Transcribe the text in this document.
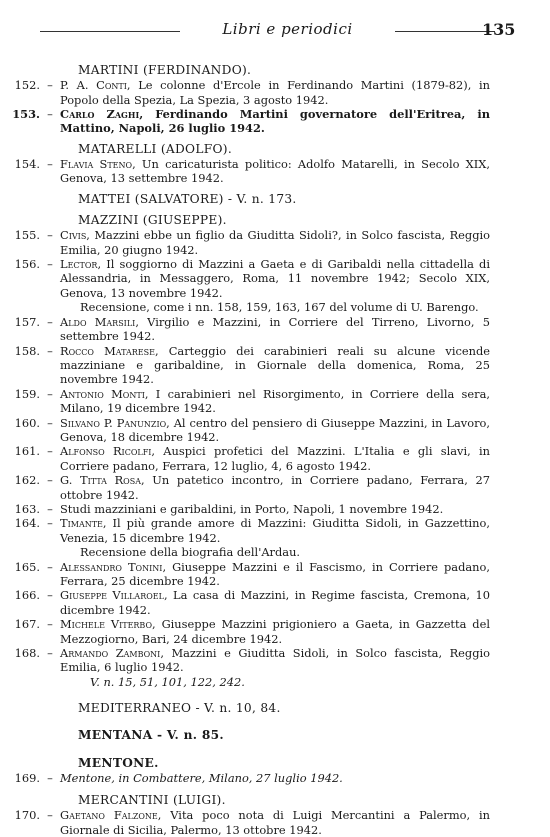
Libri e periodici	135
MARTINI (FERDINANDO).
152. – P. A. Conti, Le colonne d'Ercole in Ferdinando Martini (1879-82), in Popolo della Spezia, La Spezia, 3 agosto 1942.
153. – Carlo Zaghi, Ferdinando Martini governatore dell'Eritrea, in Mattino, Napoli, 26 luglio 1942.
MATARELLI (ADOLFO).
154. – Flavia Steno, Un caricaturista politico: Adolfo Matarelli, in Secolo XIX, Genova, 13 settembre 1942.
MATTEI (SALVATORE) - V. n. 173.
MAZZINI (GIUSEPPE).
155. – Civis, Mazzini ebbe un figlio da Giuditta Sidoli?, in Solco fascista, Reggio Emilia, 20 giugno 1942.
156. – Lector, Il soggiorno di Mazzini a Gaeta e di Garibaldi nella cittadella di Alessandria, in Messaggero, Roma, 11 novembre 1942; Secolo XIX, Genova, 13 novembre 1942.
Recensione, come i nn. 158, 159, 163, 167 del volume di U. Barengo.
157. – Aldo Marsili, Virgilio e Mazzini, in Corriere del Tirreno, Livorno, 5 settembre 1942.
158. – Rocco Matarese, Carteggio dei carabinieri reali su alcune vicende mazziniane e garibaldine, in Giornale della domenica, Roma, 25 novembre 1942.
159. – Antonio Monti, I carabinieri nel Risorgimento, in Corriere della sera, Milano, 19 dicembre 1942.
160. – Silvano P. Panunzio, Al centro del pensiero di Giuseppe Mazzini, in Lavoro, Genova, 18 dicembre 1942.
161. – Alfonso Ricolfi, Auspici profetici del Mazzini. L'Italia e gli slavi, in Corriere padano, Ferrara, 12 luglio, 4, 6 agosto 1942.
162. – G. Titta Rosa, Un patetico incontro, in Corriere padano, Ferrara, 27 ottobre 1942.
163. – Studi mazziniani e garibaldini, in Porto, Napoli, 1 novembre 1942.
164. – Timante, Il più grande amore di Mazzini: Giuditta Sidoli, in Gazzettino, Venezia, 15 dicembre 1942.
Recensione della biografia dell'Ardau.
165. – Alessandro Tonini, Giuseppe Mazzini e il Fascismo, in Corriere padano, Ferrara, 25 dicembre 1942.
166. – Giuseppe Villaroel, La casa di Mazzini, in Regime fascista, Cremona, 10 dicembre 1942.
167. – Michele Viterbo, Giuseppe Mazzini prigioniero a Gaeta, in Gazzetta del Mezzogiorno, Bari, 24 dicembre 1942.
168. – Armando Zamboni, Mazzini e Giuditta Sidoli, in Solco fascista, Reggio Emilia, 6 luglio 1942.
V. n. 15, 51, 101, 122, 242.
MEDITERRANEO - V. n. 10, 84.
MENTANA - V. n. 85.
MENTONE.
169. – Mentone, in Combattere, Milano, 27 luglio 1942.
MERCANTINI (LUIGI).
170. – Gaetano Falzone, Vita poco nota di Luigi Mercantini a Palermo, in Giornale di Sicilia, Palermo, 13 ottobre 1942.
